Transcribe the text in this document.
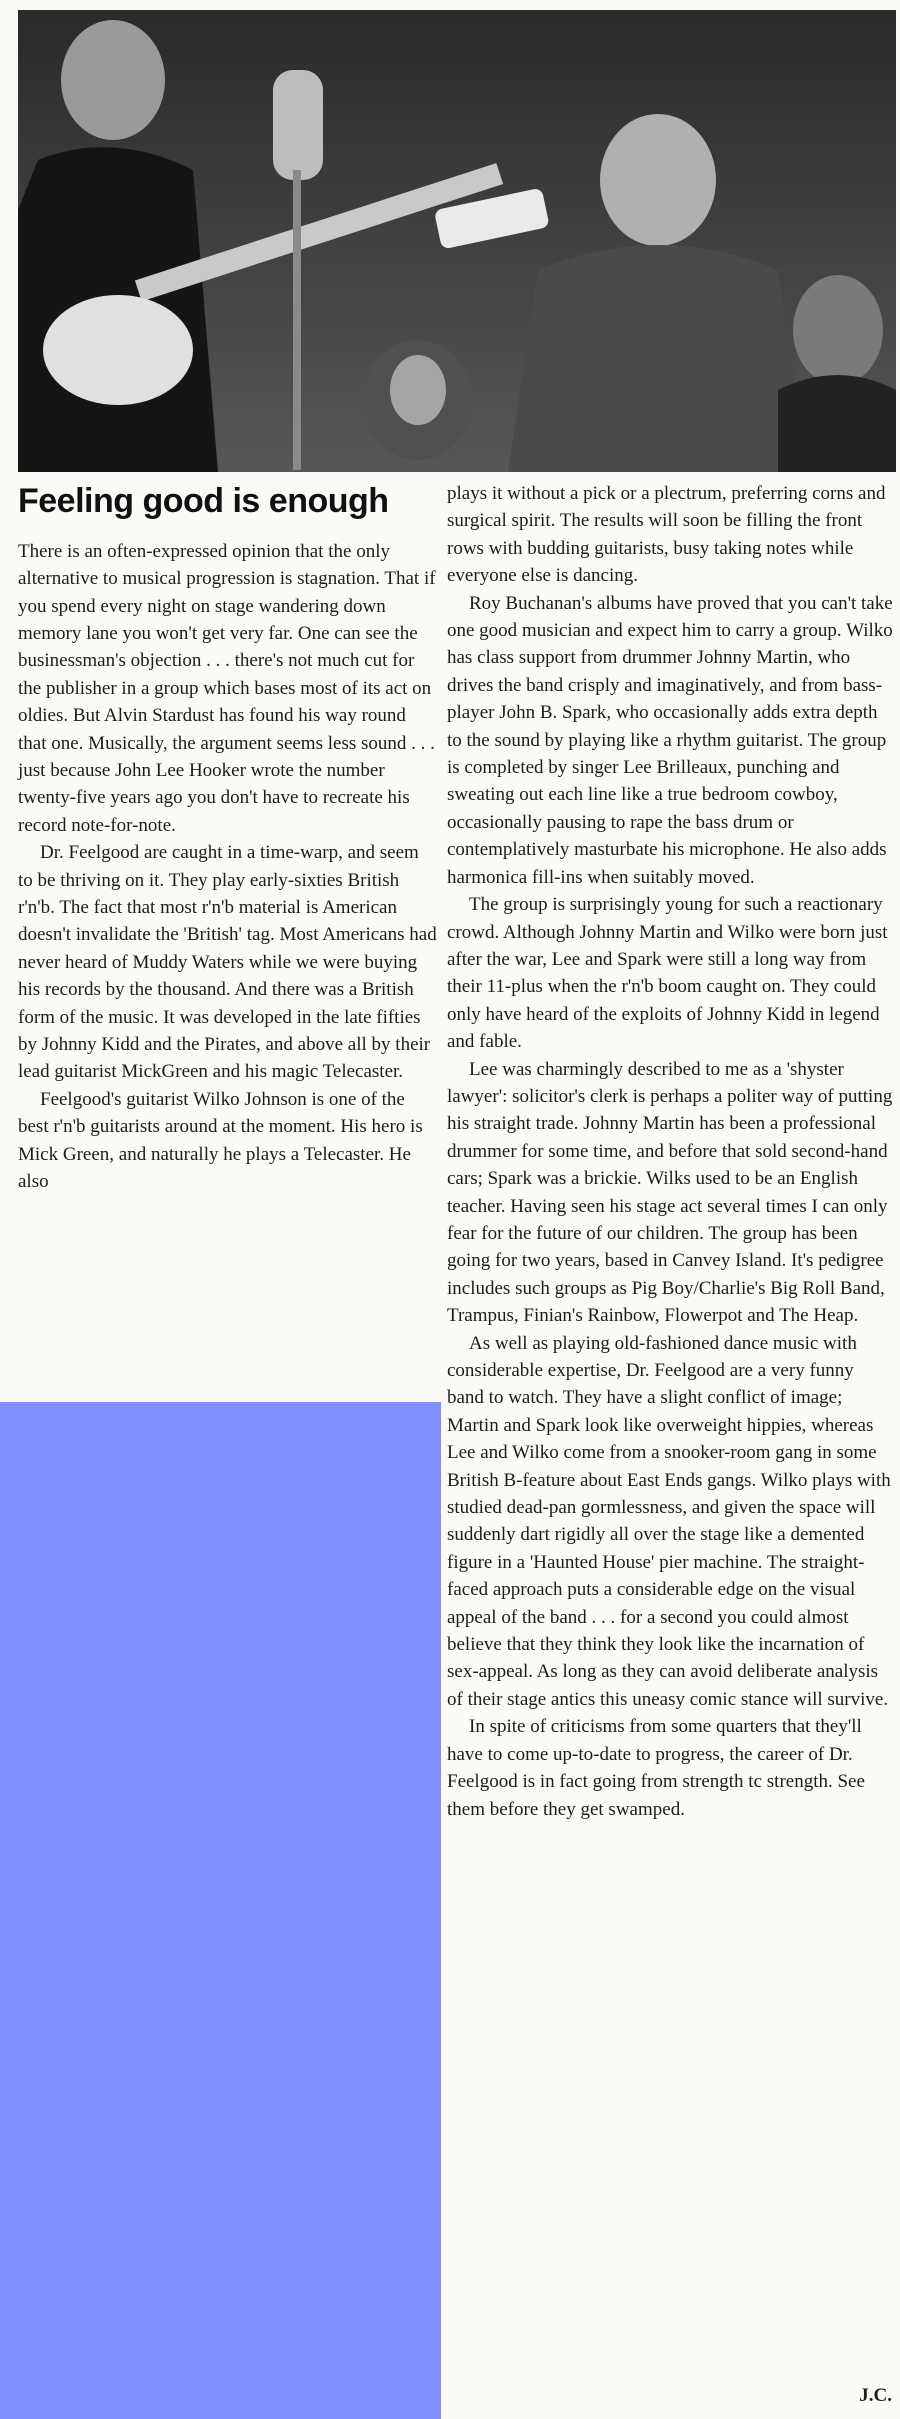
Feeling good is enough

There is an often-expressed opinion that the only alternative to musical progression is stagnation. That if you spend every night on stage wandering down memory lane you won't get very far. One can see the businessman's objection . . . there's not much cut for the publisher in a group which bases most of its act on oldies. But Alvin Stardust has found his way round that one. Musically, the argument seems less sound . . . just because John Lee Hooker wrote the number twenty-five years ago you don't have to recreate his record note-for-note.

Dr. Feelgood are caught in a time-warp, and seem to be thriving on it. They play early-sixties British r'n'b. The fact that most r'n'b material is American doesn't invalidate the 'British' tag. Most Americans had never heard of Muddy Waters while we were buying his records by the thousand. And there was a British form of the music. It was developed in the late fifties by Johnny Kidd and the Pirates, and above all by their lead guitarist MickGreen and his magic Telecaster.

Feelgood's guitarist Wilko Johnson is one of the best r'n'b guitarists around at the moment. His hero is Mick Green, and naturally he plays a Telecaster. He also

plays it without a pick or a plectrum, preferring corns and surgical spirit. The results will soon be filling the front rows with budding guitarists, busy taking notes while everyone else is dancing.

Roy Buchanan's albums have proved that you can't take one good musician and expect him to carry a group. Wilko has class support from drummer Johnny Martin, who drives the band crisply and imaginatively, and from bass-player John B. Spark, who occasionally adds extra depth to the sound by playing like a rhythm guitarist. The group is completed by singer Lee Brilleaux, punching and sweating out each line like a true bedroom cowboy, occasionally pausing to rape the bass drum or contemplatively masturbate his microphone. He also adds harmonica fill-ins when suitably moved.

The group is surprisingly young for such a reactionary crowd. Although Johnny Martin and Wilko were born just after the war, Lee and Spark were still a long way from their 11-plus when the r'n'b boom caught on. They could only have heard of the exploits of Johnny Kidd in legend and fable.

Lee was charmingly described to me as a 'shyster lawyer': solicitor's clerk is perhaps a politer way of putting his straight trade. Johnny Martin has been a professional drummer for some time, and before that sold second-hand cars; Spark was a brickie. Wilks used to be an English teacher. Having seen his stage act several times I can only fear for the future of our children. The group has been going for two years, based in Canvey Island. It's pedigree includes such groups as Pig Boy/Charlie's Big Roll Band, Trampus, Finian's Rainbow, Flowerpot and The Heap.

As well as playing old-fashioned dance music with considerable expertise, Dr. Feelgood are a very funny band to watch. They have a slight conflict of image; Martin and Spark look like overweight hippies, whereas Lee and Wilko come from a snooker-room gang in some British B-feature about East Ends gangs. Wilko plays with studied dead-pan gormlessness, and given the space will suddenly dart rigidly all over the stage like a demented figure in a 'Haunted House' pier machine. The straight-faced approach puts a considerable edge on the visual appeal of the band . . . for a second you could almost believe that they think they look like the incarnation of sex-appeal. As long as they can avoid deliberate analysis of their stage antics this uneasy comic stance will survive.

In spite of criticisms from some quarters that they'll have to come up-to-date to progress, the career of Dr. Feelgood is in fact going from strength tc strength. See them before they get swamped.

J.C.
